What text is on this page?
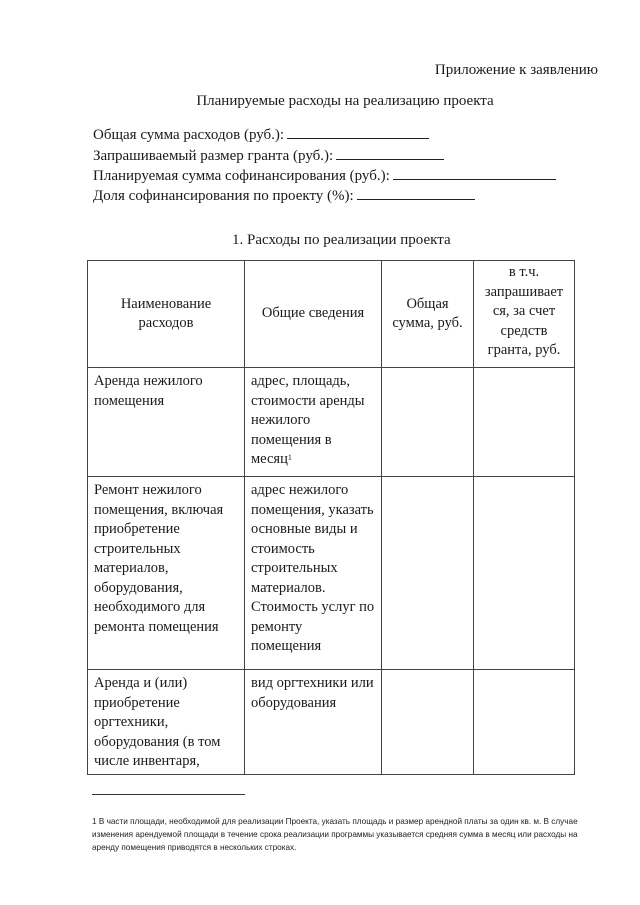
Приложение к заявлению
Планируемые расходы на реализацию проекта
Общая сумма расходов (руб.):
Запрашиваемый размер гранта (руб.):
Планируемая сумма софинансирования (руб.):
Доля софинансирования по проекту (%):
1. Расходы по реализации проекта
Наименование расходов	Общие сведения	Общая сумма, руб.	в т.ч. запрашивает ся, за счет средств гранта, руб.
Аренда нежилого помещения	адрес, площадь, стоимости аренды нежилого помещения в месяц$^1$		
Ремонт нежилого помещения, включая приобретение строительных материалов, оборудования, необходимого для ремонта помещения	адрес нежилого помещения, указать основные виды и стоимость строительных материалов. Стоимость услуг по ремонту помещения		
Аренда и (или) приобретение оргтехники, оборудования (в том числе инвентаря,	вид оргтехники или оборудования		
1 В части площади, необходимой для реализации Проекта, указать площадь и размер арендной платы за один кв. м. В случае изменения арендуемой площади в течение срока реализации программы указывается средняя сумма в месяц или расходы на аренду помещения приводятся в нескольких строках.
